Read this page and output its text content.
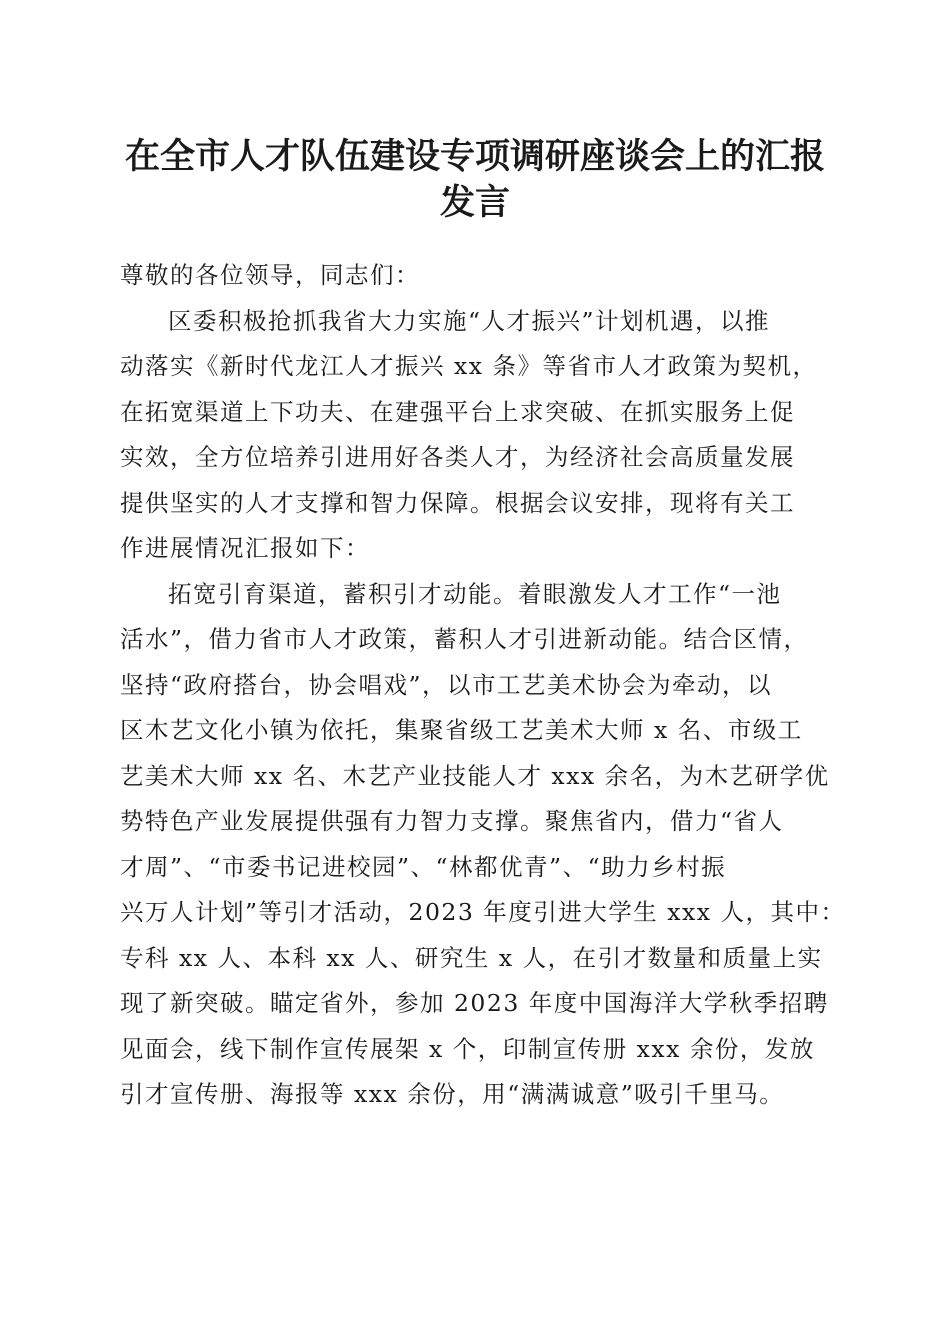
在全市人才队伍建设专项调研座谈会上的汇报
发言

尊敬的各位领导，同志们：

区委积极抢抓我省大力实施“人才振兴”计划机遇，以推
动落实《新时代龙江人才振兴 xx 条》等省市人才政策为契机，
在拓宽渠道上下功夫、在建强平台上求突破、在抓实服务上促
实效，全方位培养引进用好各类人才，为经济社会高质量发展
提供坚实的人才支撑和智力保障。根据会议安排，现将有关工
作进展情况汇报如下：

拓宽引育渠道，蓄积引才动能。着眼激发人才工作“一池
活水”，借力省市人才政策，蓄积人才引进新动能。结合区情，
坚持“政府搭台，协会唱戏”，以市工艺美术协会为牵动，以
区木艺文化小镇为依托，集聚省级工艺美术大师 x 名、市级工
艺美术大师 xx 名、木艺产业技能人才 xxx 余名，为木艺研学优
势特色产业发展提供强有力智力支撑。聚焦省内，借力“省人
才周”、“市委书记进校园”、“林都优青”、“助力乡村振
兴万人计划”等引才活动，2023 年度引进大学生 xxx 人，其中：
专科 xx 人、本科 xx 人、研究生 x 人，在引才数量和质量上实
现了新突破。瞄定省外，参加 2023 年度中国海洋大学秋季招聘
见面会，线下制作宣传展架 x 个，印制宣传册 xxx 余份，发放
引才宣传册、海报等 xxx 余份，用“满满诚意”吸引千里马。
